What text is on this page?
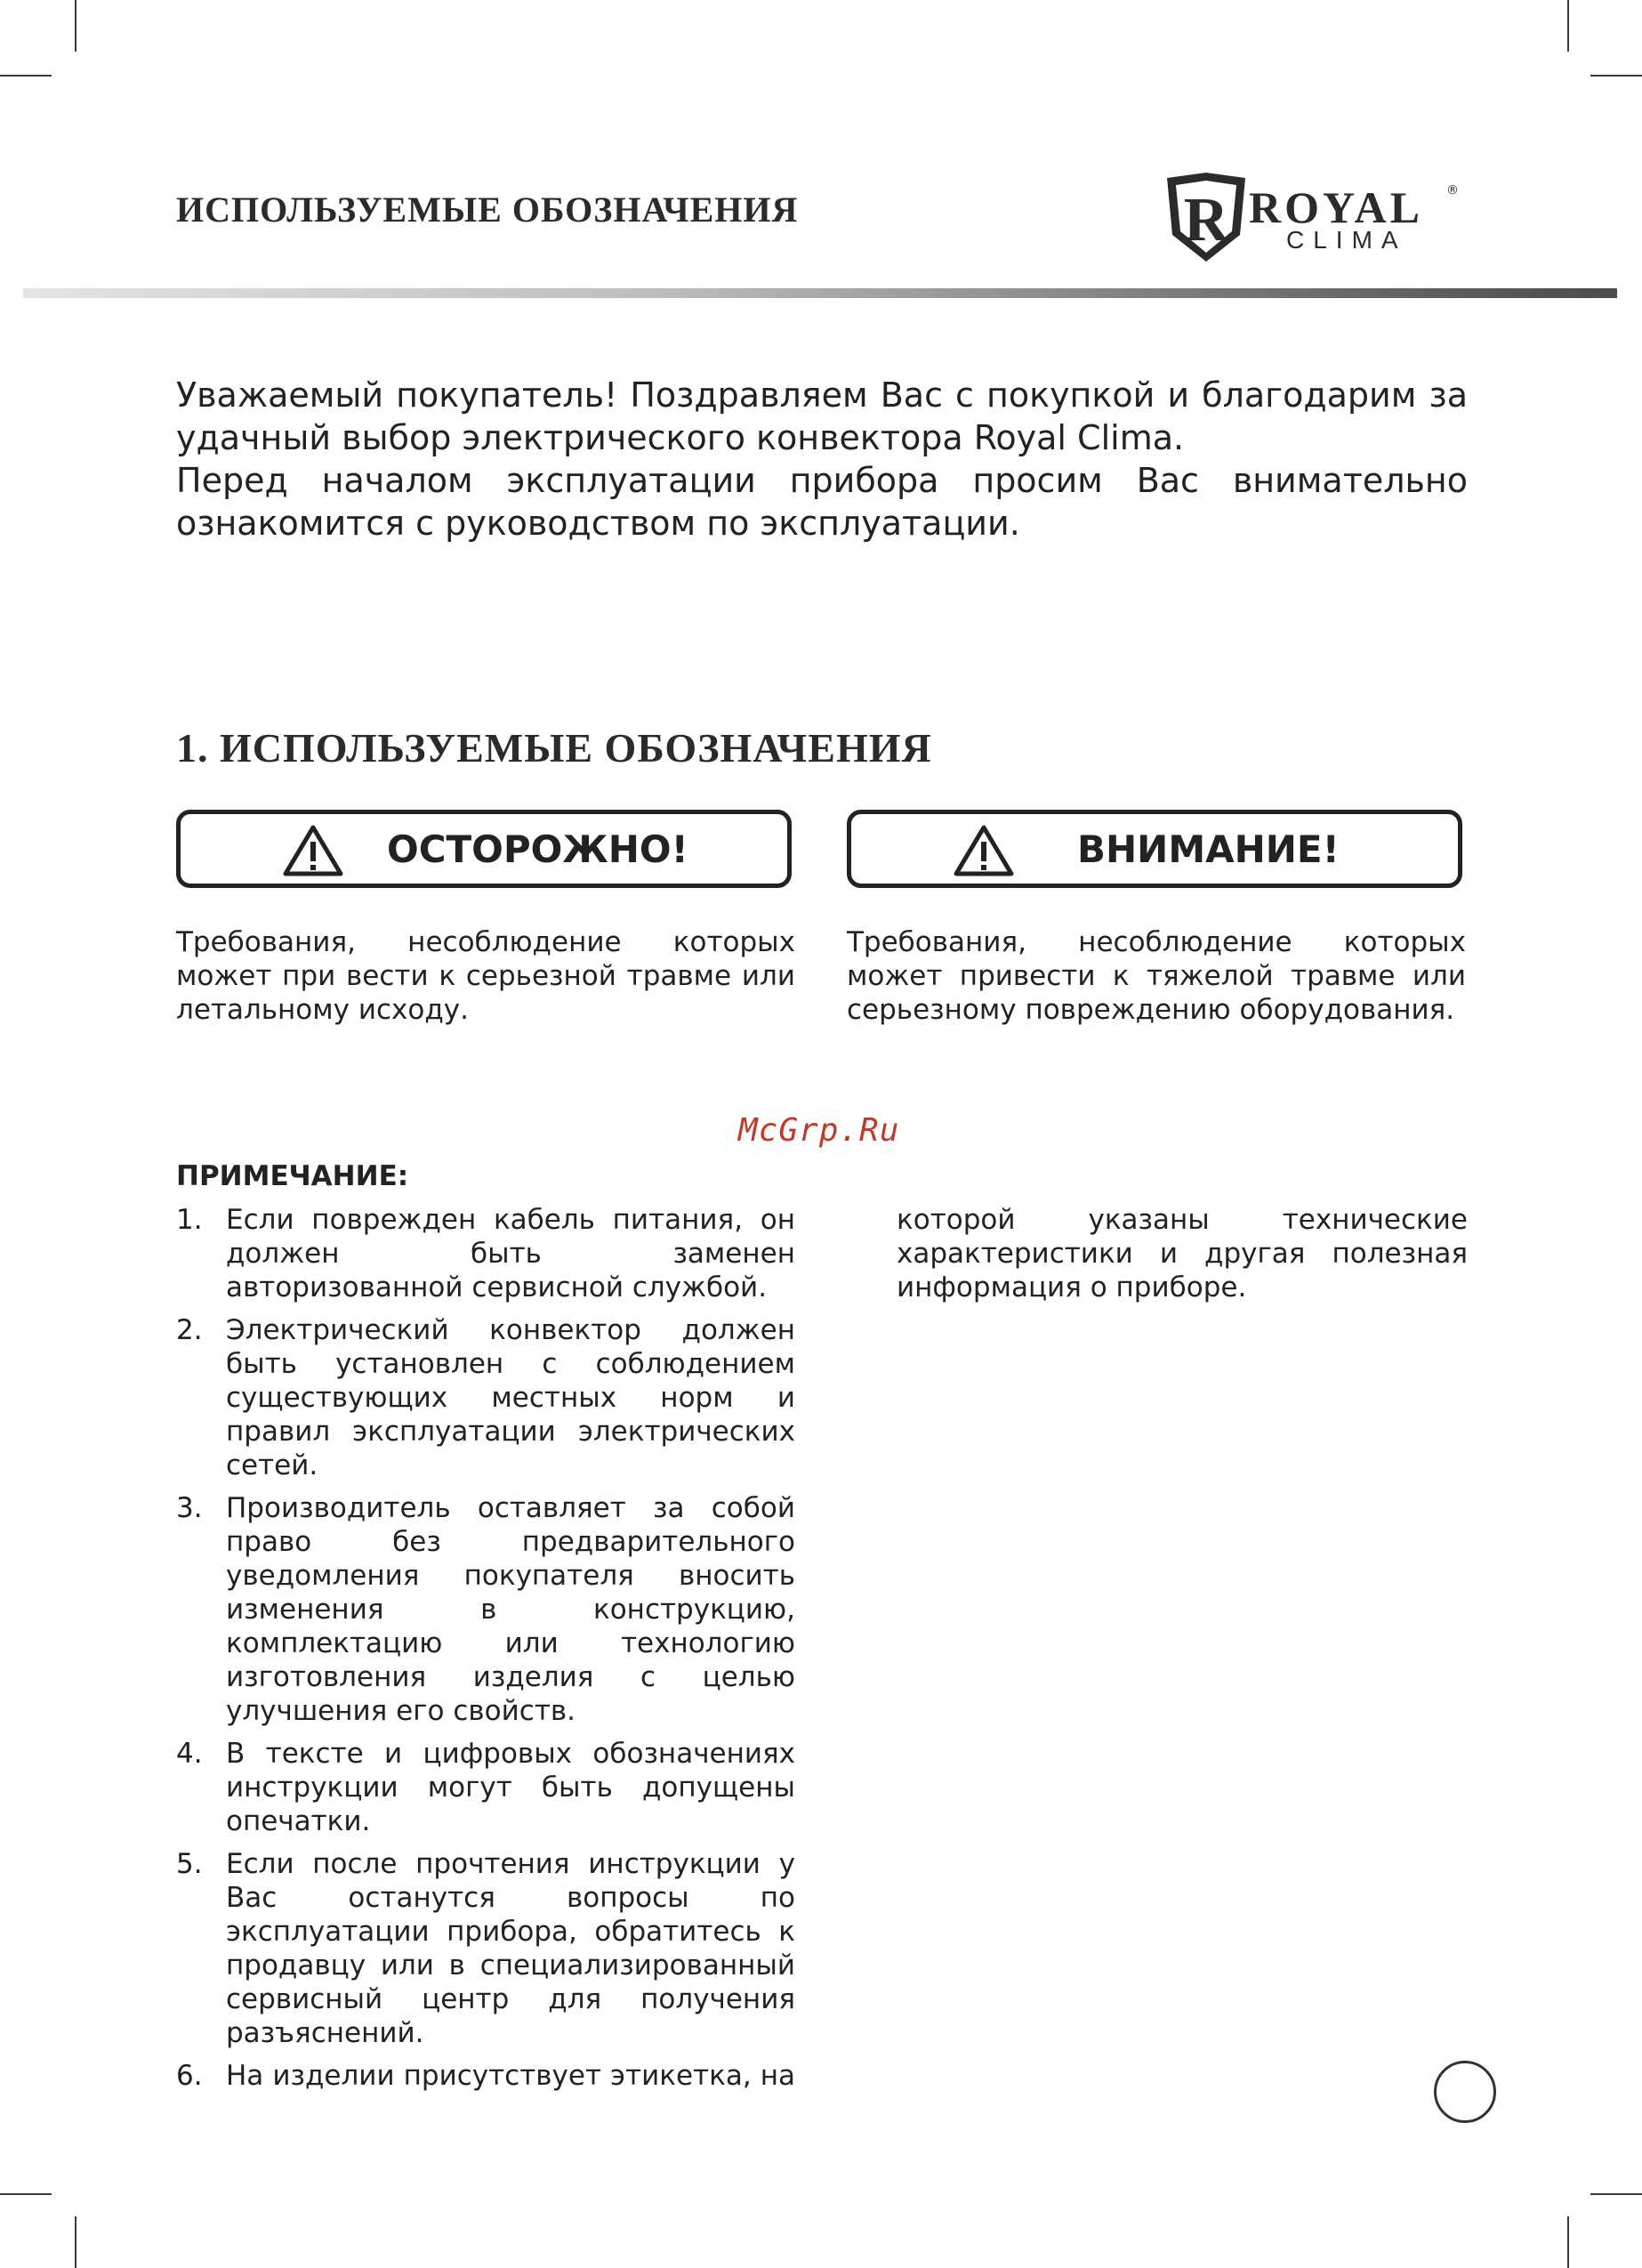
ИСПОЛЬЗУЕМЫЕ ОБОЗНАЧЕНИЯ	R ROYAL ®
CLIMA

Уважаемый покупатель! Поздравляем Вас с покупкой и благодарим за удачный выбор электрического конвектора Royal Clima.

Перед началом эксплуатации прибора просим Вас внимательно ознакомится с руководством по эксплуатации.

1. ИСПОЛЬЗУЕМЫЕ ОБОЗНАЧЕНИЯ
ОСТОРОЖНО!

Требования, несоблюдение которых может при вести к серьезной травме или летальному исходу.

ВНИМАНИЕ!

Требования, несоблюдение которых может привести к тяжелой травме или серьезному повреждению оборудования.

McGrp.Ru
ПРИМЕЧАНИЕ:
1. Если поврежден кабель питания, он должен быть заменен авторизованной сервисной службой.
2. Электрический конвектор должен быть установлен с соблюдением существующих местных норм и правил эксплуатации электрических сетей.
3. Производитель оставляет за собой право без предварительного уведомления покупателя вносить изменения в конструкцию, комплектацию или технологию изготовления изделия с целью улучшения его свойств.
4. В тексте и цифровых обозначениях инструкции могут быть допущены опечатки.
5. Если после прочтения инструкции у Вас останутся вопросы по эксплуатации прибора, обратитесь к продавцу или в специализированный сервисный центр для получения разъяснений.
6. На изделии присутствует этикетка, на

которой указаны технические характеристики и другая полезная информация о приборе.
